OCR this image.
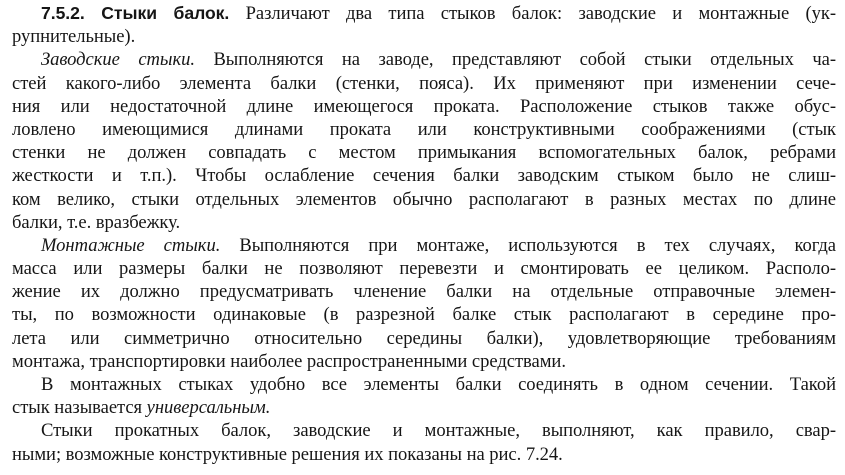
7.5.2. Стыки балок. Различают два типа стыков балок: заводские и монтажные (ук-
рупнительные).
Заводские стыки. Выполняются на заводе, представляют собой стыки отдельных ча-
стей какого-либо элемента балки (стенки, пояса). Их применяют при изменении сече-
ния или недостаточной длине имеющегося проката. Расположение стыков также обус-
ловлено имеющимися длинами проката или конструктивными соображениями (стык
стенки не должен совпадать с местом примыкания вспомогательных балок, ребрами
жесткости и т.п.). Чтобы ослабление сечения балки заводским стыком было не слиш-
ком велико, стыки отдельных элементов обычно располагают в разных местах по длине
балки, т.е. вразбежку.
Монтажные стыки. Выполняются при монтаже, используются в тех случаях, когда
масса или размеры балки не позволяют перевезти и смонтировать ее целиком. Располо-
жение их должно предусматривать членение балки на отдельные отправочные элемен-
ты, по возможности одинаковые (в разрезной балке стык располагают в середине про-
лета или симметрично относительно середины балки), удовлетворяющие требованиям
монтажа, транспортировки наиболее распространенными средствами.
В монтажных стыках удобно все элементы балки соединять в одном сечении. Такой
стык называется универсальным.
Стыки прокатных балок, заводские и монтажные, выполняют, как правило, свар-
ными; возможные конструктивные решения их показаны на рис. 7.24.
